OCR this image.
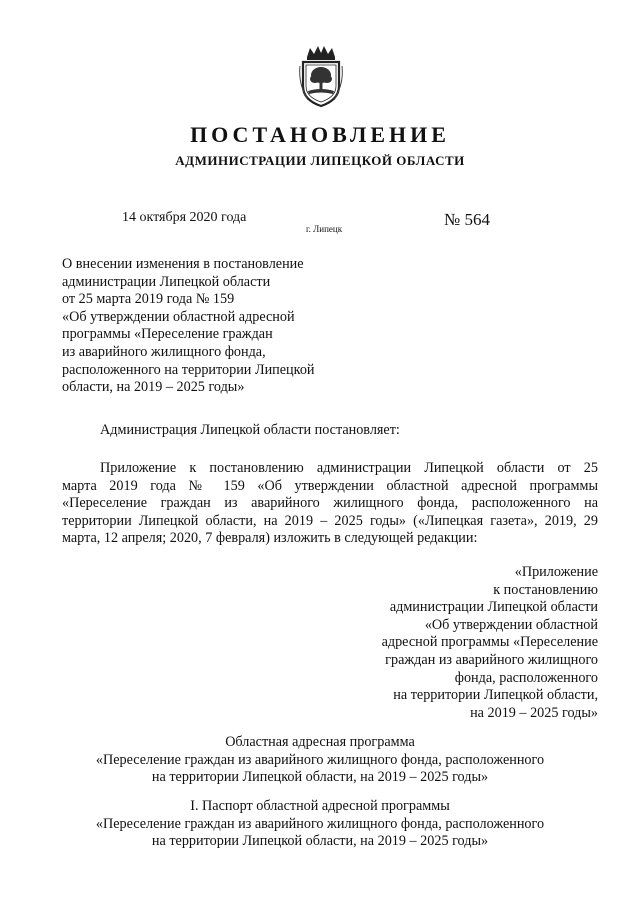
ПОСТАНОВЛЕНИЕ
АДМИНИСТРАЦИИ ЛИПЕЦКОЙ ОБЛАСТИ
14 октября 2020 года
г. Липецк	№ 564
О внесении изменения в постановление
администрации Липецкой области
от 25 марта 2019 года № 159
«Об утверждении областной адресной
программы «Переселение граждан
из аварийного жилищного фонда,
расположенного на территории Липецкой
области, на 2019 – 2025 годы»
Администрация Липецкой области постановляет:
Приложение к постановлению администрации Липецкой области от 25
марта 2019 года № 159 «Об утверждении областной адресной программы
«Переселение граждан из аварийного жилищного фонда, расположенного на
территории Липецкой области, на 2019 – 2025 годы» («Липецкая газета», 2019, 29
марта, 12 апреля; 2020, 7 февраля) изложить в следующей редакции:
«Приложение
к постановлению
администрации Липецкой области
«Об утверждении областной
адресной программы «Переселение
граждан из аварийного жилищного
фонда, расположенного
на территории Липецкой области,
на 2019 – 2025 годы»
Областная адресная программа
«Переселение граждан из аварийного жилищного фонда, расположенного
на территории Липецкой области, на 2019 – 2025 годы»
I. Паспорт областной адресной программы
«Переселение граждан из аварийного жилищного фонда, расположенного
на территории Липецкой области, на 2019 – 2025 годы»
